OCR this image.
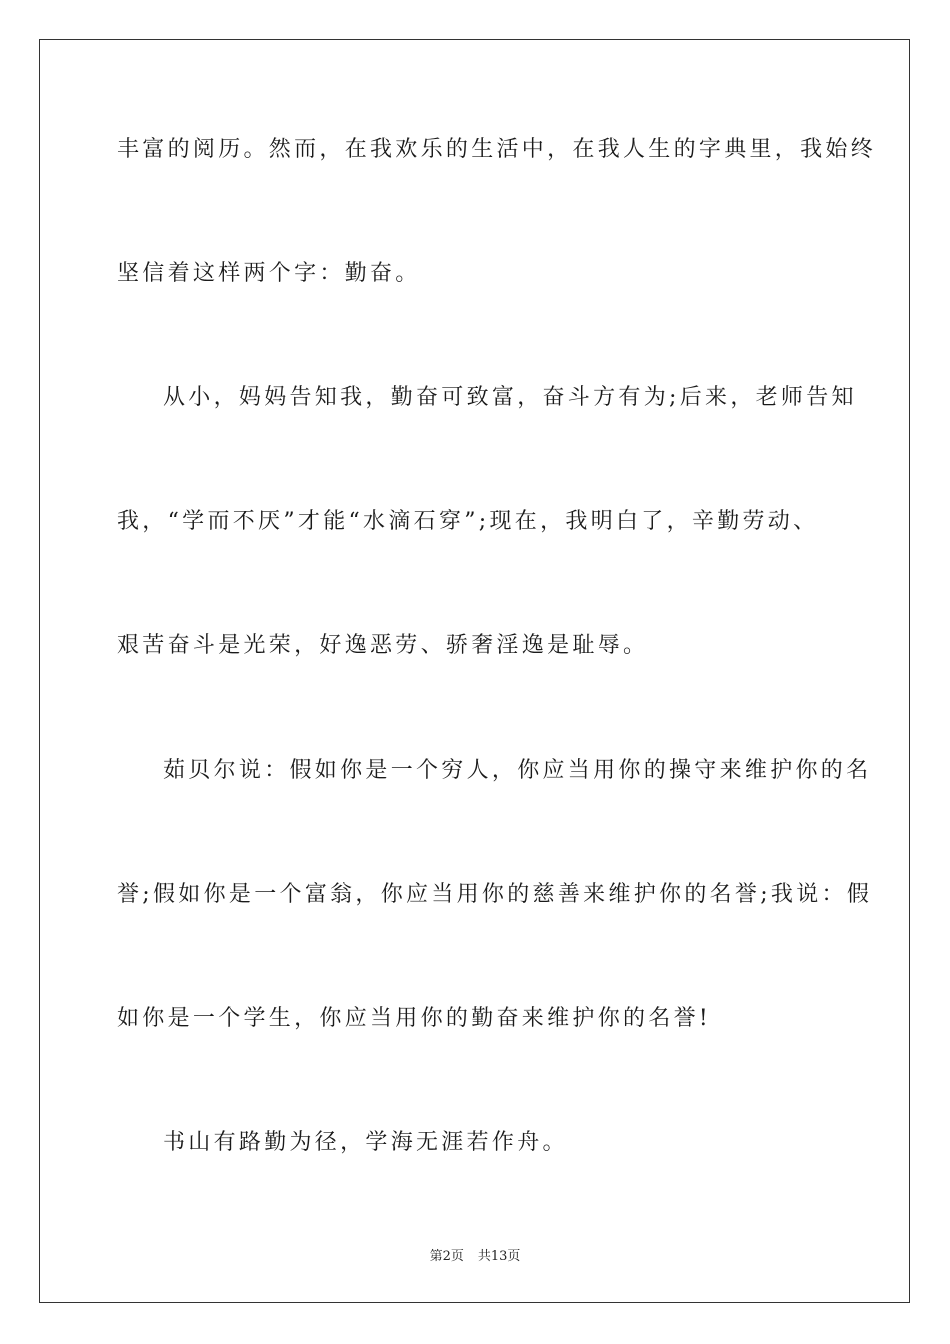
丰富的阅历。然而，在我欢乐的生活中，在我人生的字典里，我始终
坚信着这样两个字：勤奋。
从小，妈妈告知我，勤奋可致富，奋斗方有为;后来，老师告知
我，“学而不厌”才能“水滴石穿”;现在，我明白了，辛勤劳动、
艰苦奋斗是光荣，好逸恶劳、骄奢淫逸是耻辱。
茹贝尔说：假如你是一个穷人，你应当用你的操守来维护你的名
誉;假如你是一个富翁，你应当用你的慈善来维护你的名誉;我说：假
如你是一个学生，你应当用你的勤奋来维护你的名誉!
书山有路勤为径，学海无涯若作舟。
第2页 共13页
